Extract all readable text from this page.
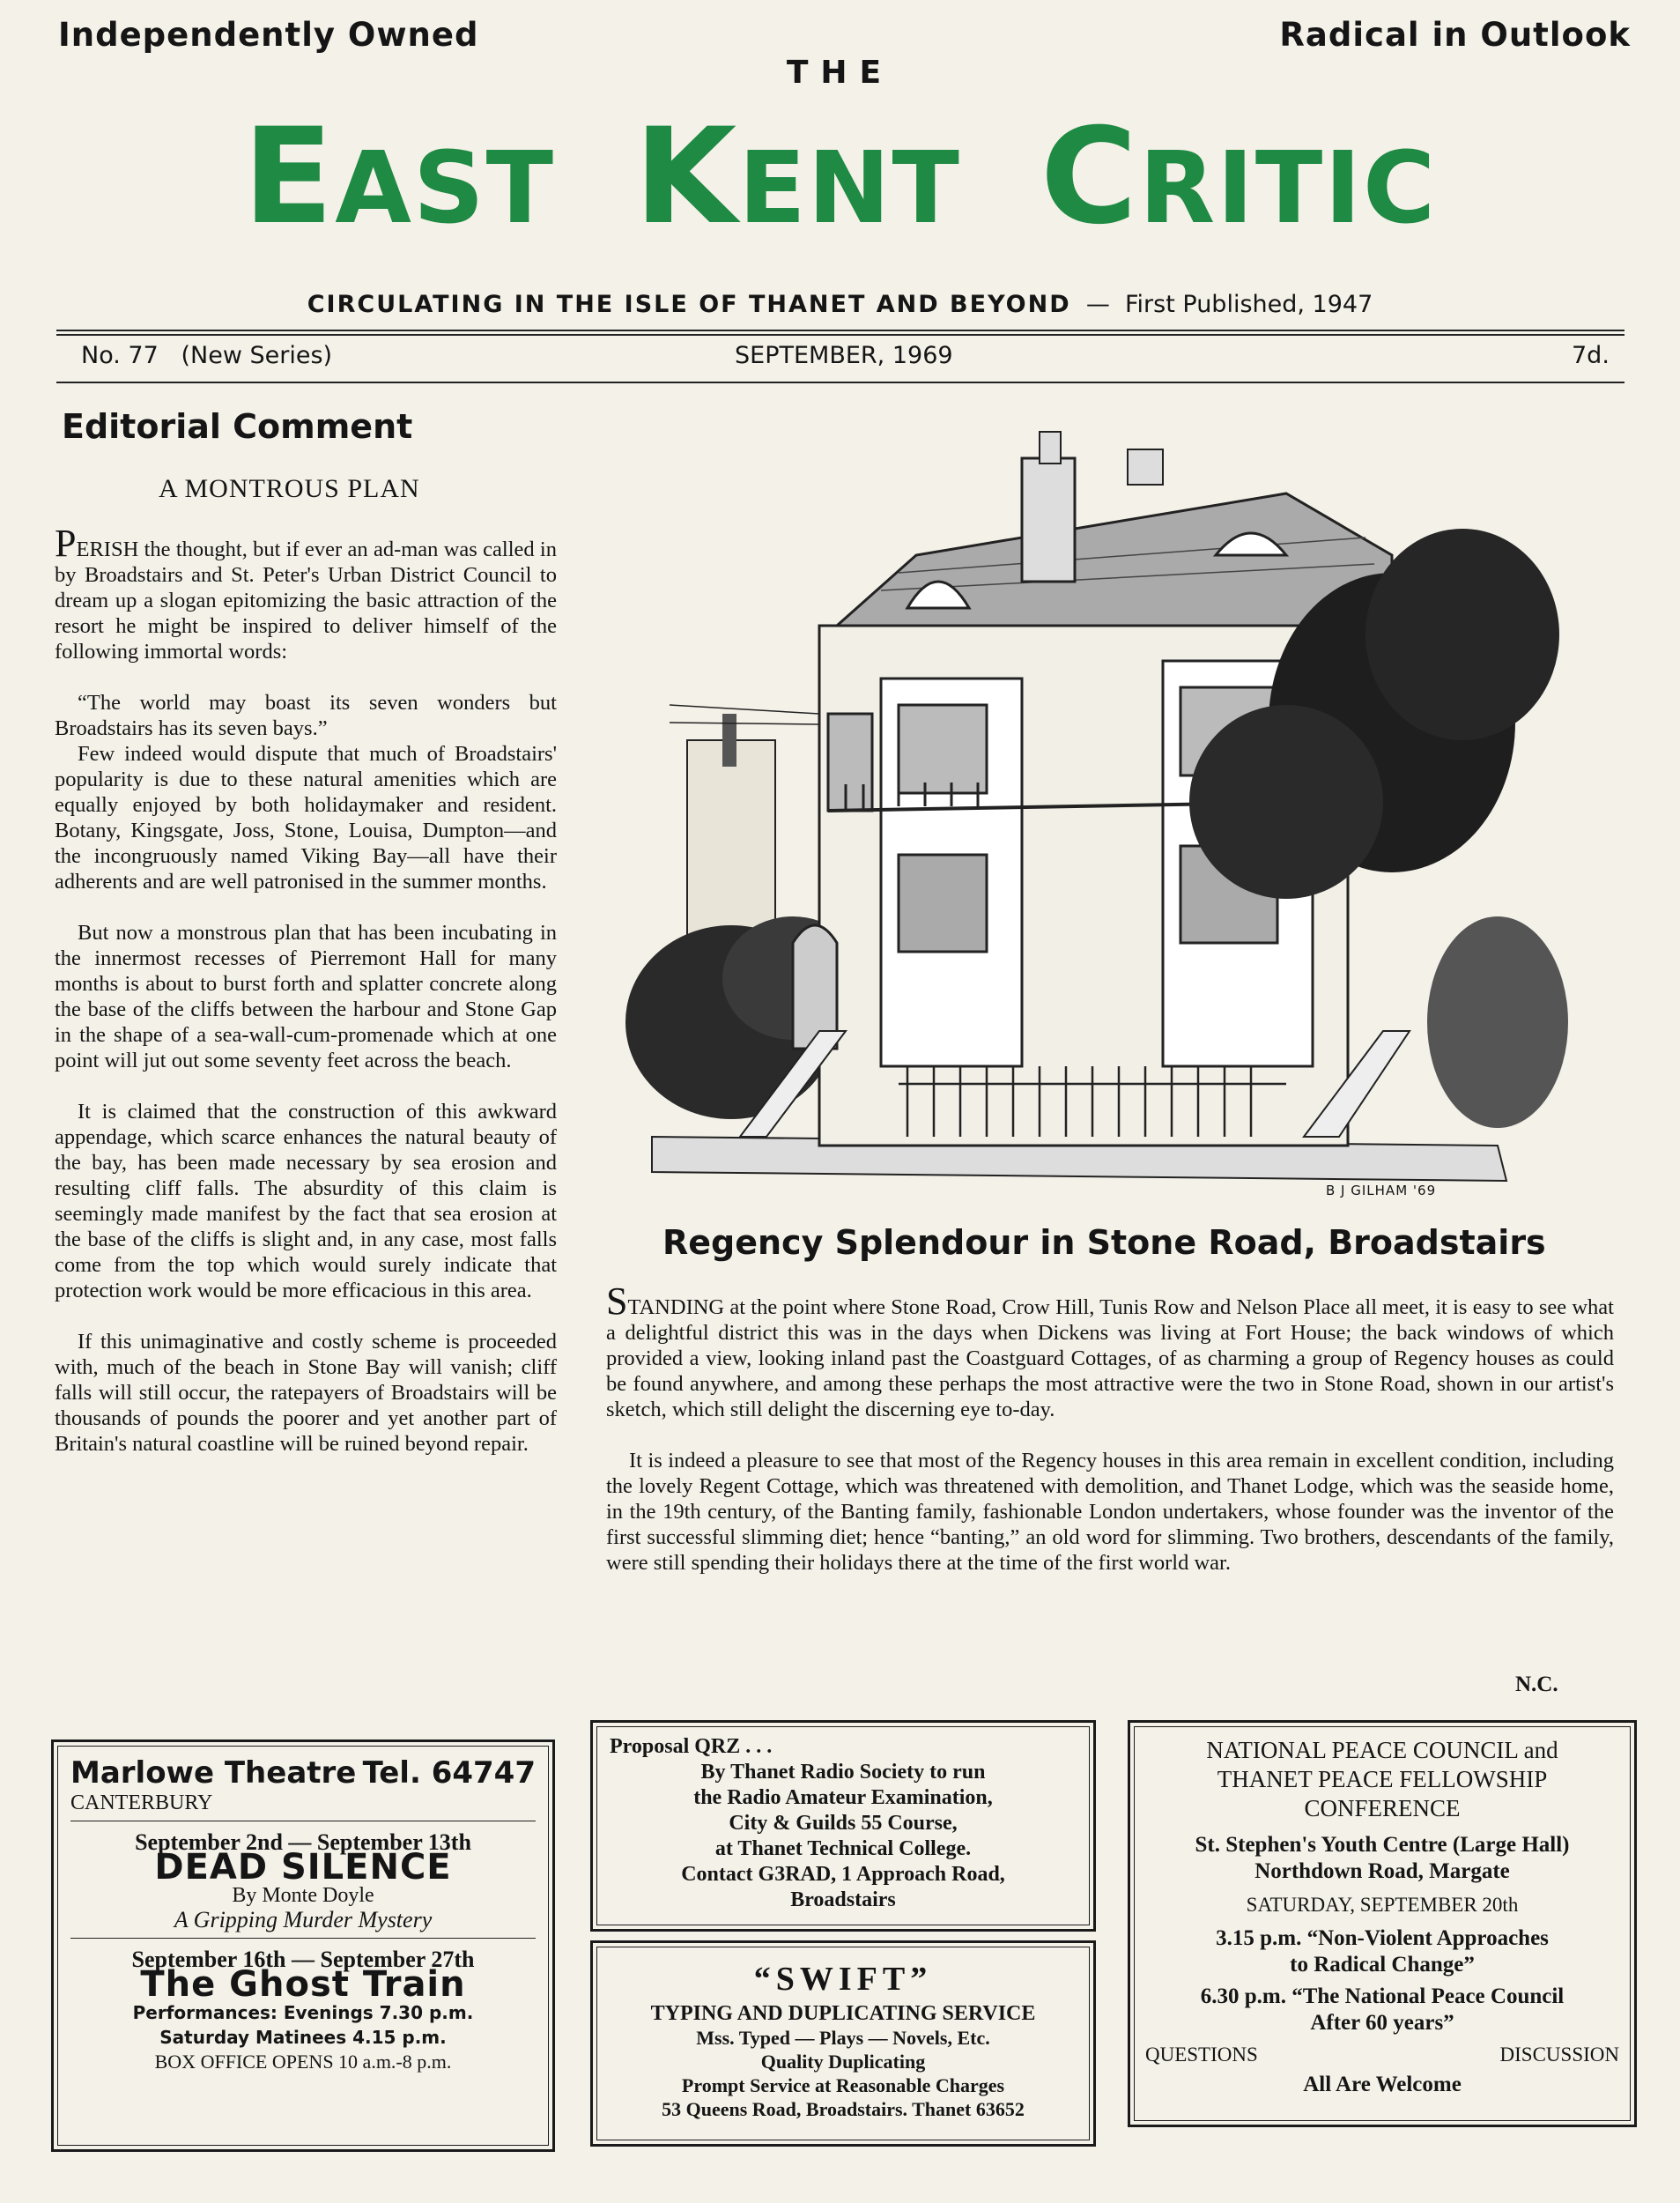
Independently Owned	Radical in Outlook
THE
EAST KENT CRITIC
CIRCULATING IN THE ISLE OF THANET AND BEYOND — First Published, 1947
No. 77 (New Series)	SEPTEMBER, 1969	7d.
Editorial Comment
A MONTROUS PLAN

PERISH the thought, but if ever an ad-man was called in by Broadstairs and St. Peter's Urban District Council to dream up a slogan epitomizing the basic attraction of the resort he might be inspired to deliver himself of the following immortal words:

“The world may boast its seven wonders but Broadstairs has its seven bays.”

Few indeed would dispute that much of Broadstairs' popularity is due to these natural amenities which are equally enjoyed by both holidaymaker and resident. Botany, Kingsgate, Joss, Stone, Louisa, Dumpton—and the incongruously named Viking Bay—all have their adherents and are well patronised in the summer months.

But now a monstrous plan that has been incubating in the innermost recesses of Pierremont Hall for many months is about to burst forth and splatter concrete along the base of the cliffs between the harbour and Stone Gap in the shape of a sea-wall-cum-promenade which at one point will jut out some seventy feet across the beach.

It is claimed that the construction of this awkward appendage, which scarce enhances the natural beauty of the bay, has been made necessary by sea erosion and resulting cliff falls. The absurdity of this claim is seemingly made manifest by the fact that sea erosion at the base of the cliffs is slight and, in any case, most falls come from the top which would surely indicate that protection work would be more efficacious in this area.

If this unimaginative and costly scheme is proceeded with, much of the beach in Stone Bay will vanish; cliff falls will still occur, the ratepayers of Broadstairs will be thousands of pounds the poorer and yet another part of Britain's natural coastline will be ruined beyond repair.

B J GILHAM '69
Regency Splendour in Stone Road, Broadstairs

STANDING at the point where Stone Road, Crow Hill, Tunis Row and Nelson Place all meet, it is easy to see what a delightful district this was in the days when Dickens was living at Fort House; the back windows of which provided a view, looking inland past the Coastguard Cottages, of as charming a group of Regency houses as could be found anywhere, and among these perhaps the most attractive were the two in Stone Road, shown in our artist's sketch, which still delight the discerning eye to-day.

It is indeed a pleasure to see that most of the Regency houses in this area remain in excellent condition, including the lovely Regent Cottage, which was threatened with demolition, and Thanet Lodge, which was the seaside home, in the 19th century, of the Banting family, fashionable London undertakers, whose founder was the inventor of the first successful slimming diet; hence “banting,” an old word for slimming. Two brothers, descendants of the family, were still spending their holidays there at the time of the first world war.

N.C.
Marlowe Theatre Tel. 64747
CANTERBURY
September 2nd — September 13th
DEAD SILENCE
By Monte Doyle
A Gripping Murder Mystery
September 16th — September 27th
The Ghost Train
Performances: Evenings 7.30 p.m.
Saturday Matinees 4.15 p.m.
BOX OFFICE OPENS 10 a.m.-8 p.m.
Proposal QRZ . . .
By Thanet Radio Society to run
the Radio Amateur Examination,
City & Guilds 55 Course,
at Thanet Technical College.
Contact G3RAD, 1 Approach Road,
Broadstairs
“SWIFT”
TYPING AND DUPLICATING SERVICE
Mss. Typed — Plays — Novels, Etc.
Quality Duplicating
Prompt Service at Reasonable Charges
53 Queens Road, Broadstairs. Thanet 63652
NATIONAL PEACE COUNCIL and
THANET PEACE FELLOWSHIP
CONFERENCE
St. Stephen's Youth Centre (Large Hall)
Northdown Road, Margate
SATURDAY, SEPTEMBER 20th
3.15 p.m. “Non-Violent Approaches
to Radical Change”
6.30 p.m. “The National Peace Council
After 60 years”
QUESTIONS	DISCUSSION
All Are Welcome
